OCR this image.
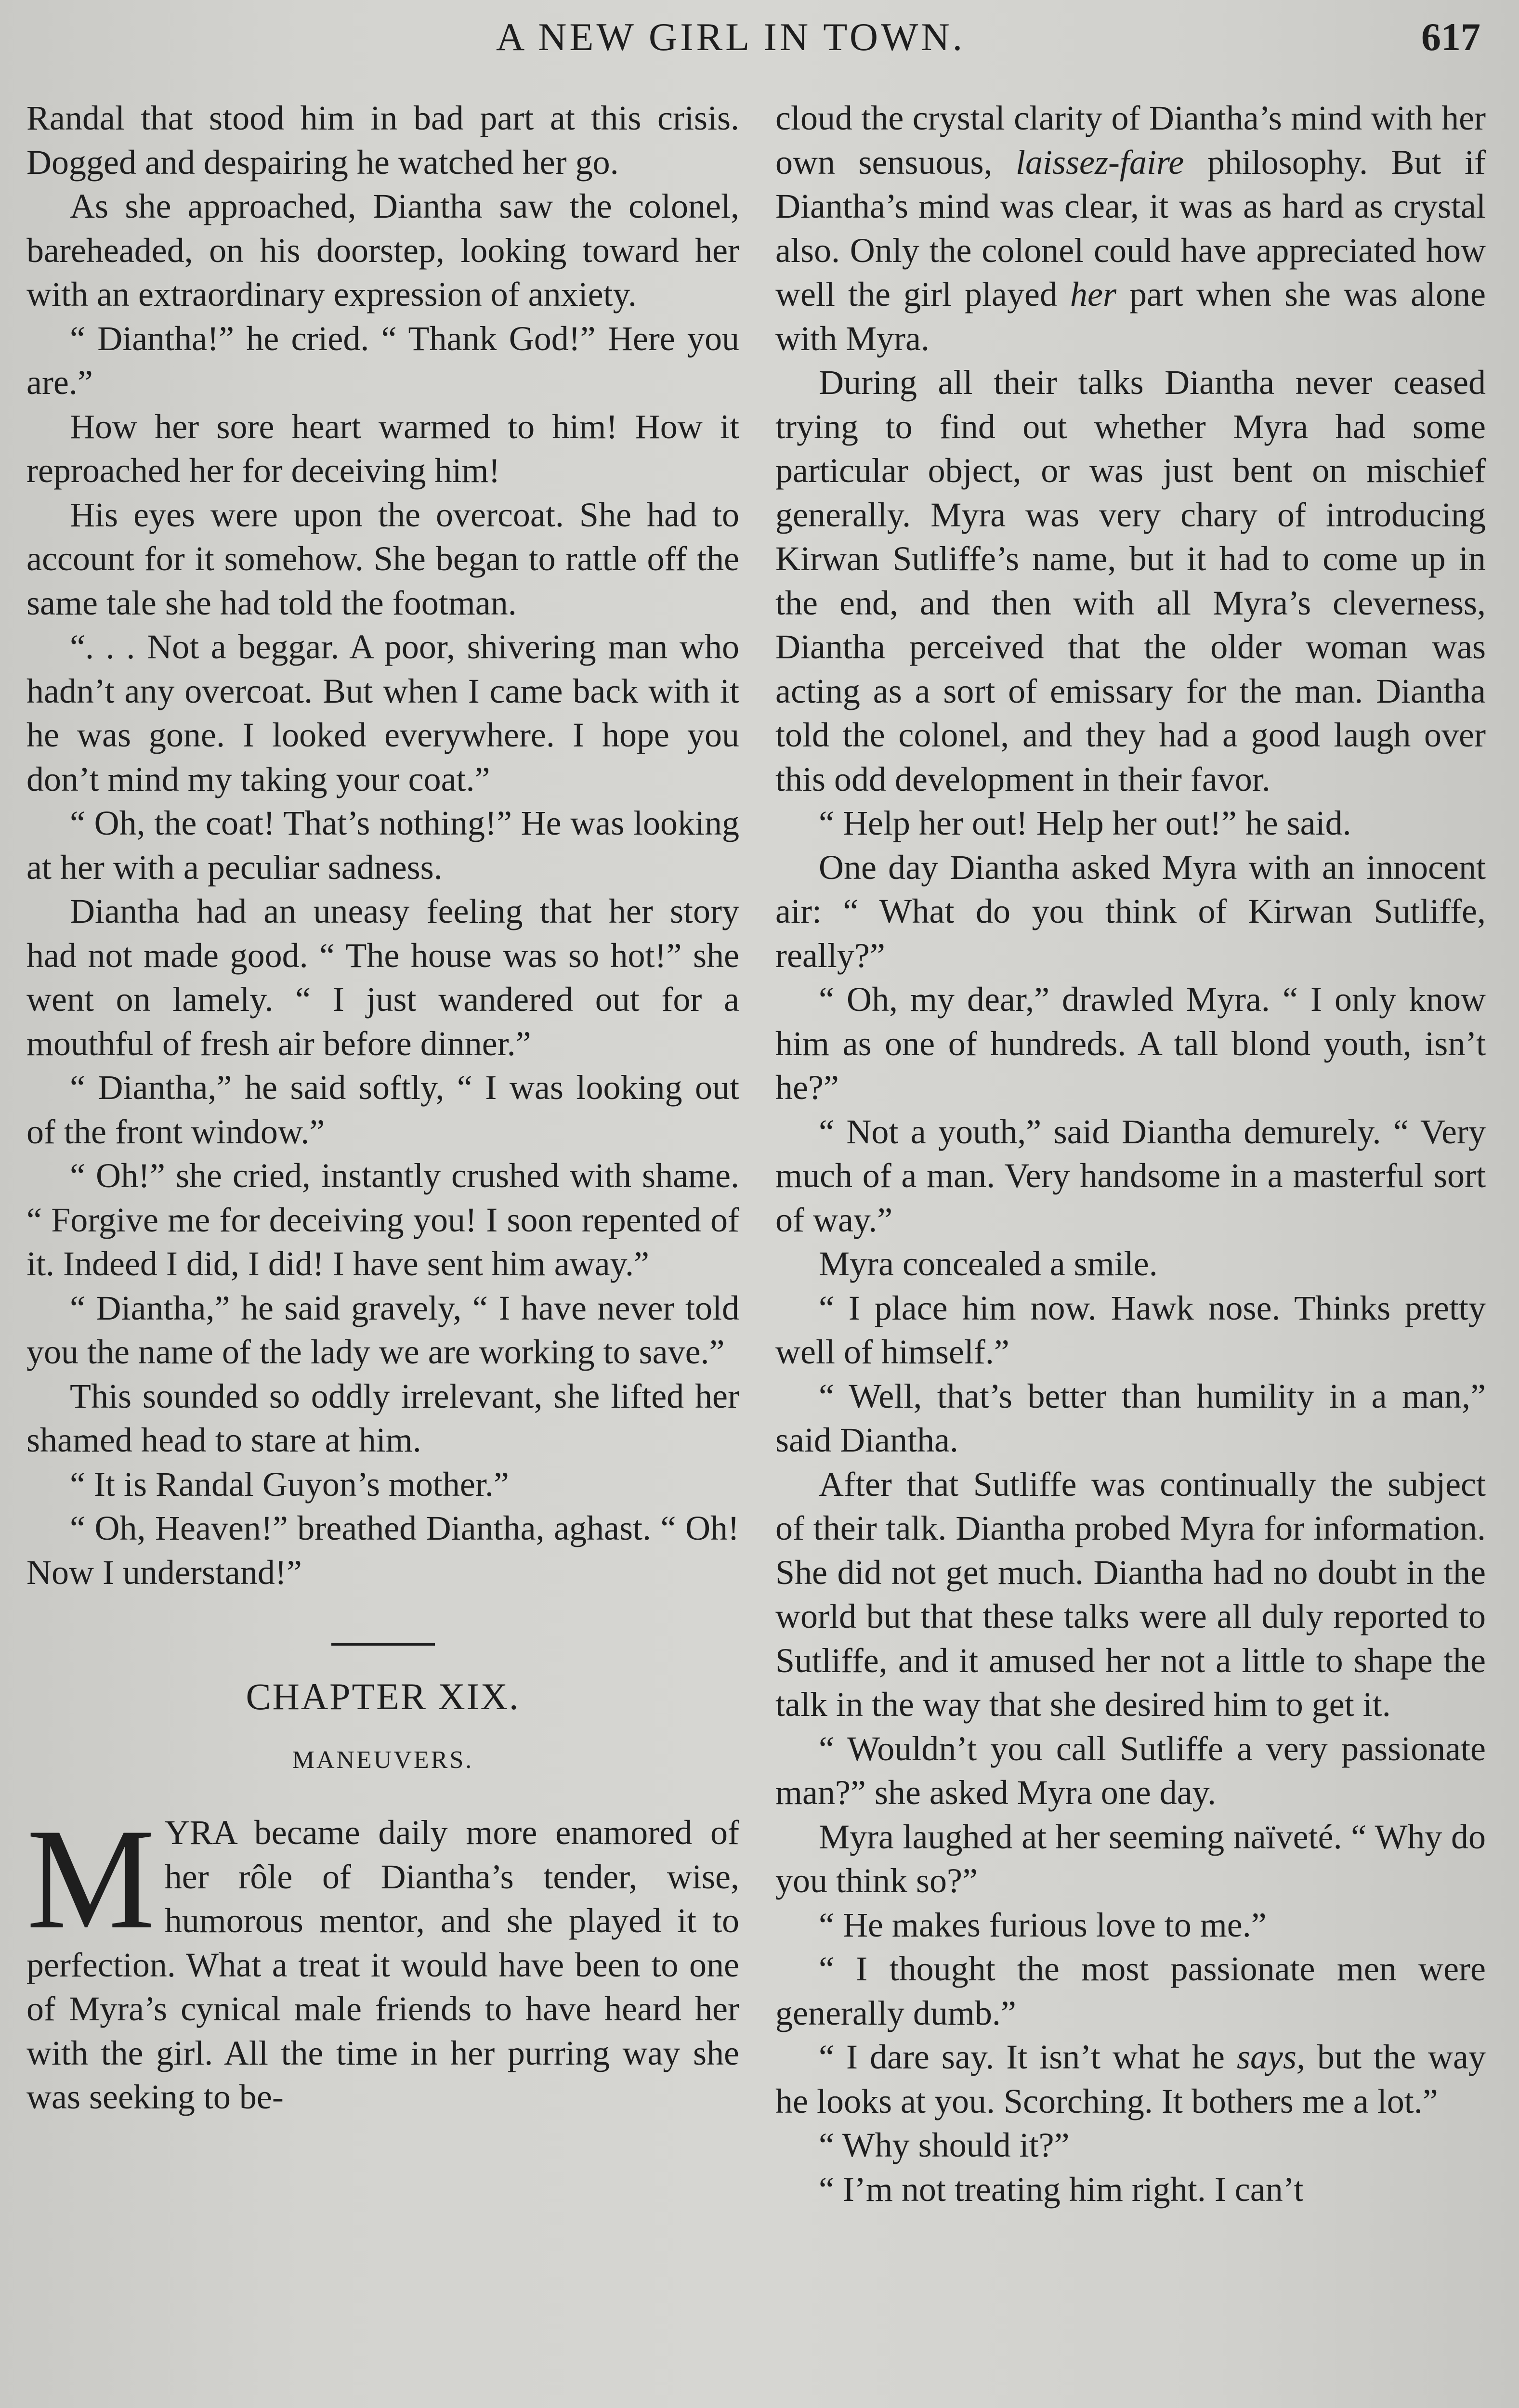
A NEW GIRL IN TOWN.	617

Randal that stood him in bad part at this crisis. Dogged and despairing he watched her go.

As she approached, Diantha saw the colonel, bareheaded, on his doorstep, looking toward her with an extraordinary expression of anxiety.

“ Diantha!” he cried. “ Thank God!” Here you are.”

How her sore heart warmed to him! How it reproached her for deceiving him!

His eyes were upon the overcoat. She had to account for it somehow. She began to rattle off the same tale she had told the footman.

“. . . Not a beggar. A poor, shivering man who hadn’t any overcoat. But when I came back with it he was gone. I looked everywhere. I hope you don’t mind my taking your coat.”

“ Oh, the coat! That’s nothing!” He was looking at her with a peculiar sadness.

Diantha had an uneasy feeling that her story had not made good. “ The house was so hot!” she went on lamely. “ I just wandered out for a mouthful of fresh air before dinner.”

“ Diantha,” he said softly, “ I was looking out of the front window.”

“ Oh!” she cried, instantly crushed with shame. “ Forgive me for deceiving you! I soon repented of it. Indeed I did, I did! I have sent him away.”

“ Diantha,” he said gravely, “ I have never told you the name of the lady we are working to save.”

This sounded so oddly irrelevant, she lifted her shamed head to stare at him.

“ It is Randal Guyon’s mother.”

“ Oh, Heaven!” breathed Diantha, aghast. “ Oh! Now I understand!”

CHAPTER XIX.
MANEUVERS.

M YRA became daily more enamored of her rôle of Diantha’s tender, wise, humorous mentor, and she played it to perfection. What a treat it would have been to one of Myra’s cynical male friends to have heard her with the girl. All the time in her purring way she was seeking to be-

cloud the crystal clarity of Diantha’s mind with her own sensuous, laissez-faire philosophy. But if Diantha’s mind was clear, it was as hard as crystal also. Only the colonel could have appreciated how well the girl played her part when she was alone with Myra.

During all their talks Diantha never ceased trying to find out whether Myra had some particular object, or was just bent on mischief generally. Myra was very chary of introducing Kirwan Sutliffe’s name, but it had to come up in the end, and then with all Myra’s cleverness, Diantha perceived that the older woman was acting as a sort of emissary for the man. Diantha told the colonel, and they had a good laugh over this odd development in their favor.

“ Help her out! Help her out!” he said.

One day Diantha asked Myra with an innocent air: “ What do you think of Kirwan Sutliffe, really?”

“ Oh, my dear,” drawled Myra. “ I only know him as one of hundreds. A tall blond youth, isn’t he?”

“ Not a youth,” said Diantha demurely. “ Very much of a man. Very handsome in a masterful sort of way.”

Myra concealed a smile.

“ I place him now. Hawk nose. Thinks pretty well of himself.”

“ Well, that’s better than humility in a man,” said Diantha.

After that Sutliffe was continually the subject of their talk. Diantha probed Myra for information. She did not get much. Diantha had no doubt in the world but that these talks were all duly reported to Sutliffe, and it amused her not a little to shape the talk in the way that she desired him to get it.

“ Wouldn’t you call Sutliffe a very passionate man?” she asked Myra one day.

Myra laughed at her seeming naïveté. “ Why do you think so?”

“ He makes furious love to me.”

“ I thought the most passionate men were generally dumb.”

“ I dare say. It isn’t what he says, but the way he looks at you. Scorching. It bothers me a lot.”

“ Why should it?”

“ I’m not treating him right. I can’t
